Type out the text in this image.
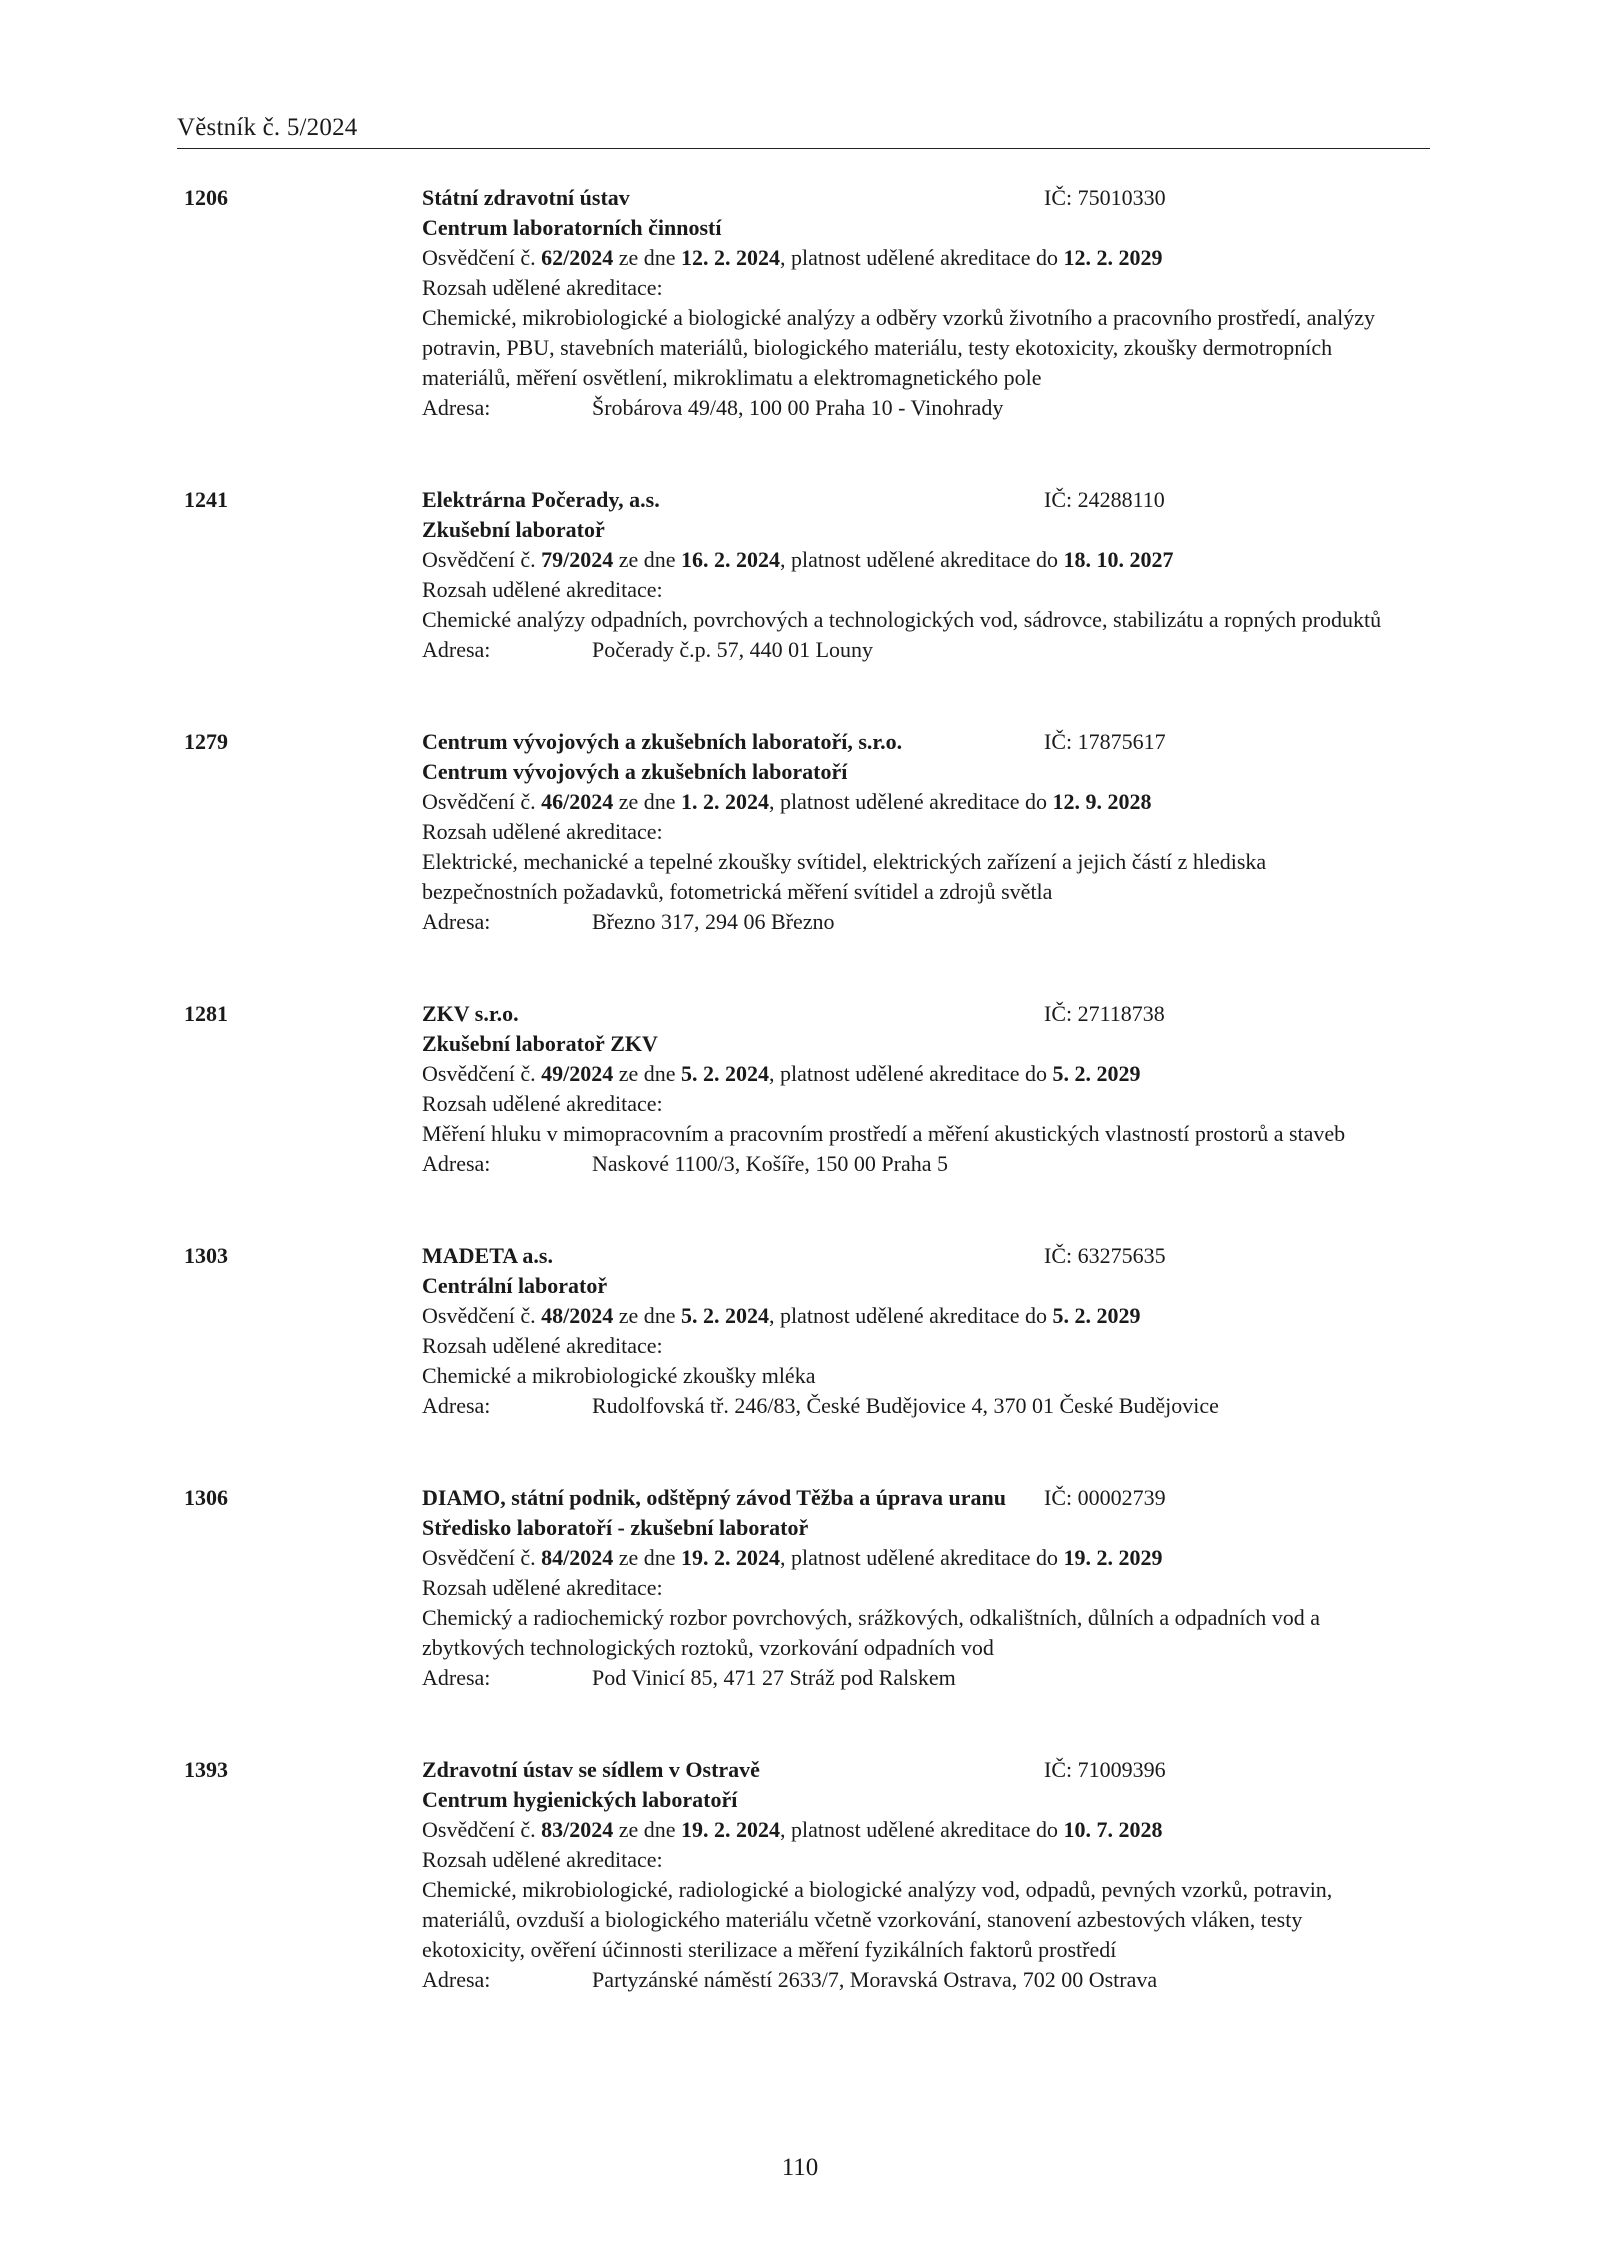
Věstník č. 5/2024
1206	Státní zdravotní ústav	IČ: 75010330
Centrum laboratorních činností
Osvědčení č. 62/2024 ze dne 12. 2. 2024, platnost udělené akreditace do 12. 2. 2029
Rozsah udělené akreditace:
Chemické, mikrobiologické a biologické analýzy a odběry vzorků životního a pracovního prostředí, analýzy potravin, PBU, stavebních materiálů, biologického materiálu, testy ekotoxicity, zkoušky dermotropních materiálů, měření osvětlení, mikroklimatu a elektromagnetického pole
Adresa:	Šrobárova 49/48, 100 00 Praha 10 - Vinohrady
1241	Elektrárna Počerady, a.s.	IČ: 24288110
Zkušební laboratoř
Osvědčení č. 79/2024 ze dne 16. 2. 2024, platnost udělené akreditace do 18. 10. 2027
Rozsah udělené akreditace:
Chemické analýzy odpadních, povrchových a technologických vod, sádrovce, stabilizátu a ropných produktů
Adresa:	Počerady č.p. 57, 440 01 Louny
1279	Centrum vývojových a zkušebních laboratoří, s.r.o.	IČ: 17875617
Centrum vývojových a zkušebních laboratoří
Osvědčení č. 46/2024 ze dne 1. 2. 2024, platnost udělené akreditace do 12. 9. 2028
Rozsah udělené akreditace:
Elektrické, mechanické a tepelné zkoušky svítidel, elektrických zařízení a jejich částí z hlediska bezpečnostních požadavků, fotometrická měření svítidel a zdrojů světla
Adresa:	Březno 317, 294 06 Březno
1281	ZKV s.r.o.	IČ: 27118738
Zkušební laboratoř ZKV
Osvědčení č. 49/2024 ze dne 5. 2. 2024, platnost udělené akreditace do 5. 2. 2029
Rozsah udělené akreditace:
Měření hluku v mimopracovním a pracovním prostředí a měření akustických vlastností prostorů a staveb
Adresa:	Naskové 1100/3, Košíře, 150 00 Praha 5
1303	MADETA a.s.	IČ: 63275635
Centrální laboratoř
Osvědčení č. 48/2024 ze dne 5. 2. 2024, platnost udělené akreditace do 5. 2. 2029
Rozsah udělené akreditace:
Chemické a mikrobiologické zkoušky mléka
Adresa:	Rudolfovská tř. 246/83, České Budějovice 4, 370 01 České Budějovice
1306	DIAMO, státní podnik, odštěpný závod Těžba a úprava uranu	IČ: 00002739
Středisko laboratoří - zkušební laboratoř
Osvědčení č. 84/2024 ze dne 19. 2. 2024, platnost udělené akreditace do 19. 2. 2029
Rozsah udělené akreditace:
Chemický a radiochemický rozbor povrchových, srážkových, odkalištních, důlních a odpadních vod a zbytkových technologických roztoků, vzorkování odpadních vod
Adresa:	Pod Vinicí 85, 471 27 Stráž pod Ralskem
1393	Zdravotní ústav se sídlem v Ostravě	IČ: 71009396
Centrum hygienických laboratoří
Osvědčení č. 83/2024 ze dne 19. 2. 2024, platnost udělené akreditace do 10. 7. 2028
Rozsah udělené akreditace:
Chemické, mikrobiologické, radiologické a biologické analýzy vod, odpadů, pevných vzorků, potravin, materiálů, ovzduší a biologického materiálu včetně vzorkování, stanovení azbestových vláken, testy ekotoxicity, ověření účinnosti sterilizace a měření fyzikálních faktorů prostředí
Adresa:	Partyzánské náměstí 2633/7, Moravská Ostrava, 702 00 Ostrava
110
